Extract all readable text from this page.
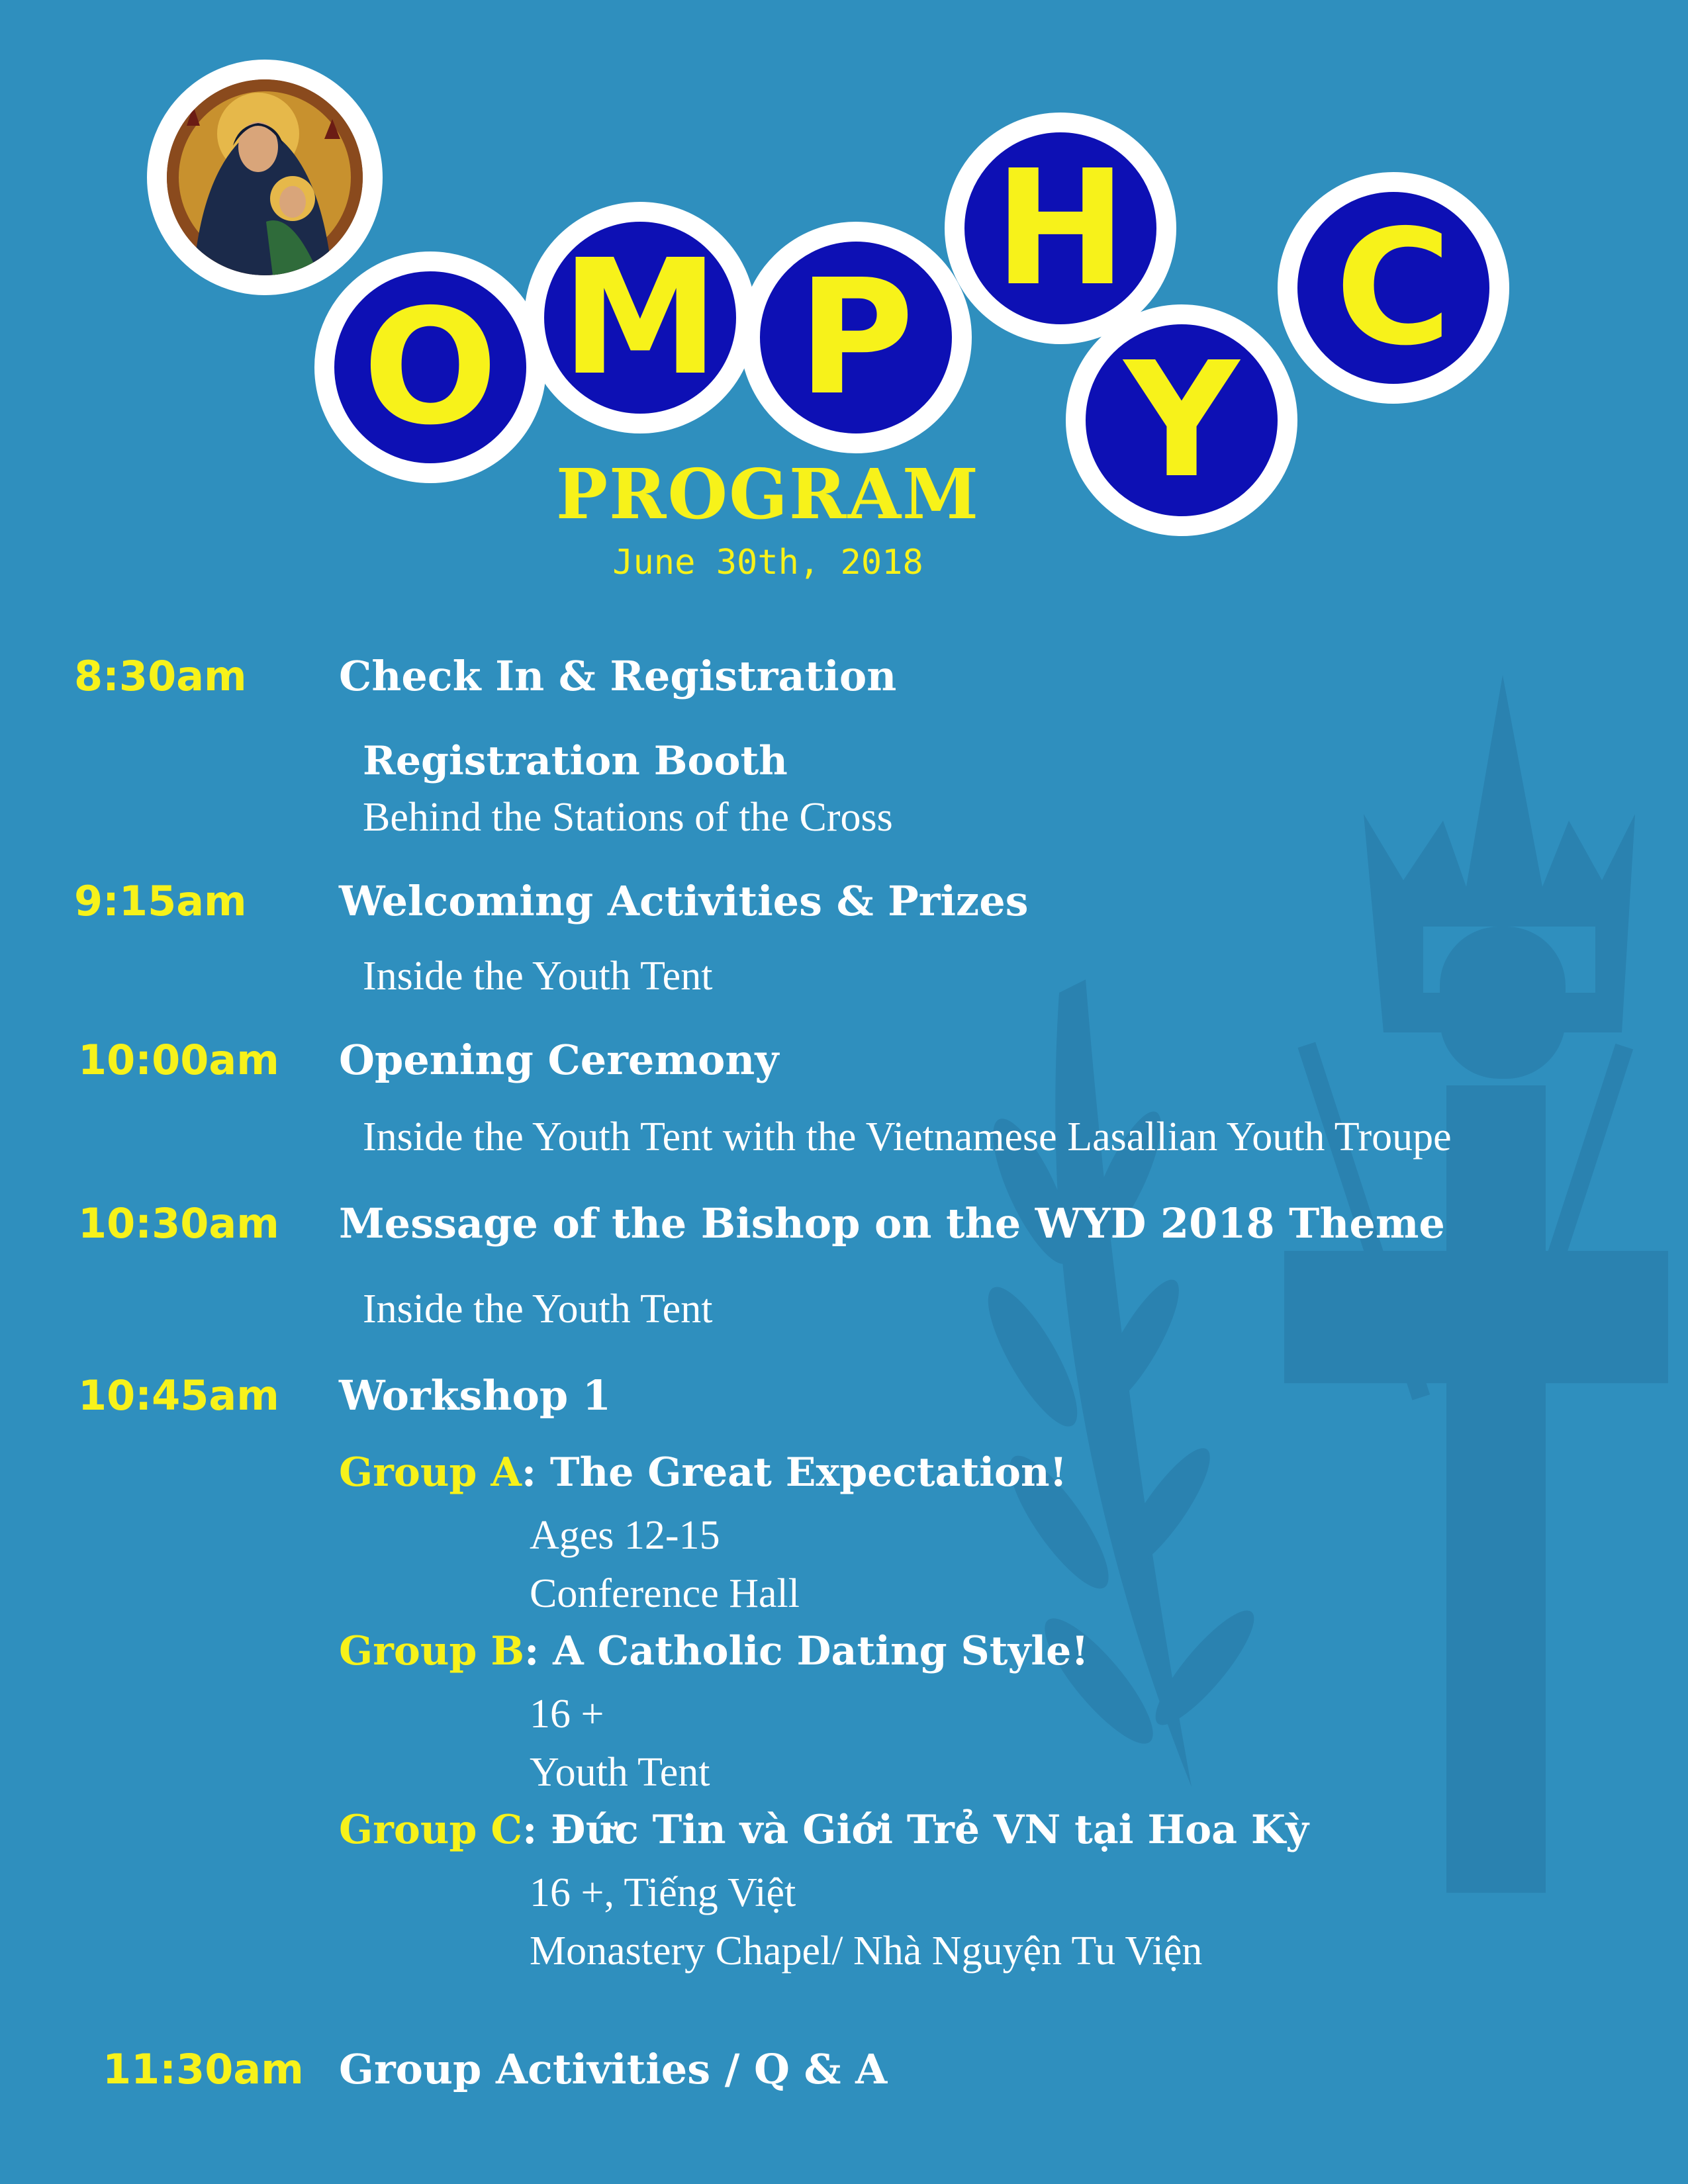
O M P
H
Y
C
PROGRAM
June 30th, 2018
8:30am Check In & Registration
Registration Booth
Behind the Stations of the Cross
9:15am Welcoming Activities & Prizes
Inside the Youth Tent
10:00am Opening Ceremony
Inside the Youth Tent with the Vietnamese Lasallian Youth Troupe
10:30am Message of the Bishop on the WYD 2018 Theme
Inside the Youth Tent
10:45am Workshop 1
Group A: The Great Expectation!
Ages 12-15
Conference Hall
Group B: A Catholic Dating Style!
16 +
Youth Tent
Group C: Đức Tin và Giới Trẻ VN tại Hoa Kỳ
16 +, Tiếng Việt
Monastery Chapel/ Nhà Nguyện Tu Viện
11:30am Group Activities / Q & A
